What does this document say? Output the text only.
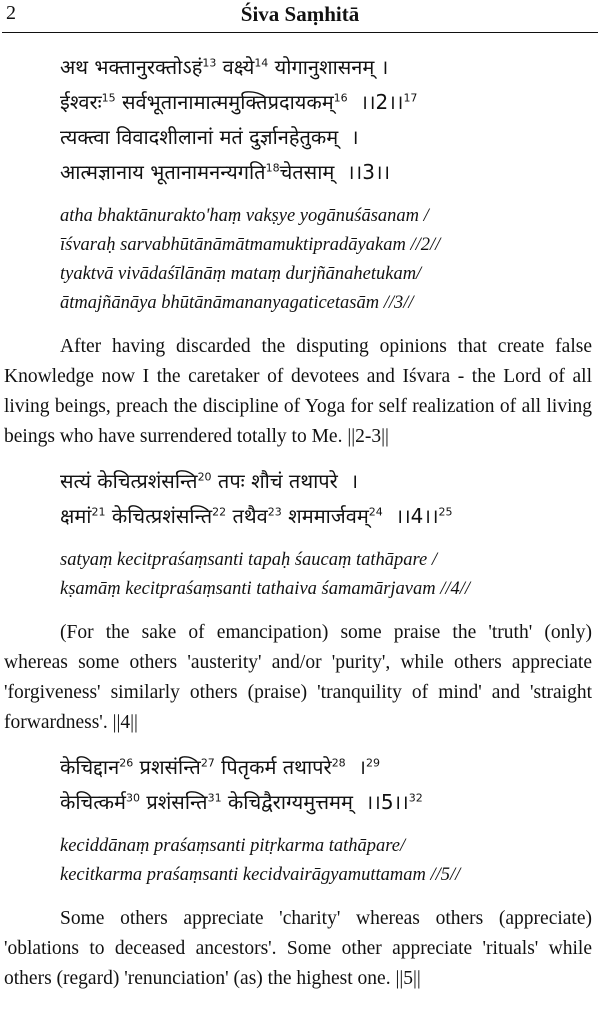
2	Śiva Saṃhitā
अथ भक्तानुरक्तोऽहं$^{13}$ वक्ष्ये$^{14}$ योगानुशासनम् ।
ईश्वरः$^{15}$ सर्वभूतानामात्ममुक्तिप्रदायकम्$^{16}$  ।।2।।$^{17}$
त्यक्त्वा विवादशीलानां मतं दुर्ज्ञानहेतुकम्  ।
आत्मज्ञानाय भूतानामनन्यगति$^{18}$चेतसाम्  ।।3।।
atha bhaktānurakto'haṃ vakṣye yogānuśāsanam /
īśvaraḥ sarvabhūtānāmātmamuktipradāyakam //2//
tyaktvā vivādaśīlānāṃ mataṃ durjñānahetukam/
ātmajñānāya bhūtānāmananyagaticetasām //3//
After having discarded the disputing opinions that create false Knowledge now I the caretaker of devotees and Iśvara - the Lord of all living beings, preach the discipline of Yoga for self realization of all living beings who have surrendered totally to Me. ||2-3||
सत्यं केचित्प्रशंसन्ति$^{20}$ तपः शौचं तथापरे  ।
क्षमां$^{21}$ केचित्प्रशंसन्ति$^{22}$ तथैव$^{23}$ शममार्जवम्$^{24}$  ।।4।।$^{25}$
satyaṃ kecitpraśaṃsanti tapaḥ śaucaṃ tathāpare /
kṣamāṃ kecitpraśaṃsanti tathaiva śamamārjavam //4//
(For the sake of emancipation) some praise the 'truth' (only) whereas some others 'austerity' and/or 'purity', while others appreciate 'forgiveness' similarly others (praise) 'tranquility of mind' and 'straight forwardness'. ||4||
केचिद्दान$^{26}$ प्रशसंन्ति$^{27}$ पितृकर्म तथापरे$^{28}$  ।$^{29}$
केचित्कर्म$^{30}$ प्रशंसन्ति$^{31}$ केचिद्वैराग्यमुत्तमम्  ।।5।।$^{32}$
keciddānaṃ praśaṃsanti pitṛkarma tathāpare/
kecitkarma praśaṃsanti kecidvairāgyamuttamam //5//
Some others appreciate 'charity' whereas others (appreciate) 'oblations to deceased ancestors'. Some other appreciate 'rituals' while others (regard) 'renunciation' (as) the highest one. ||5||
